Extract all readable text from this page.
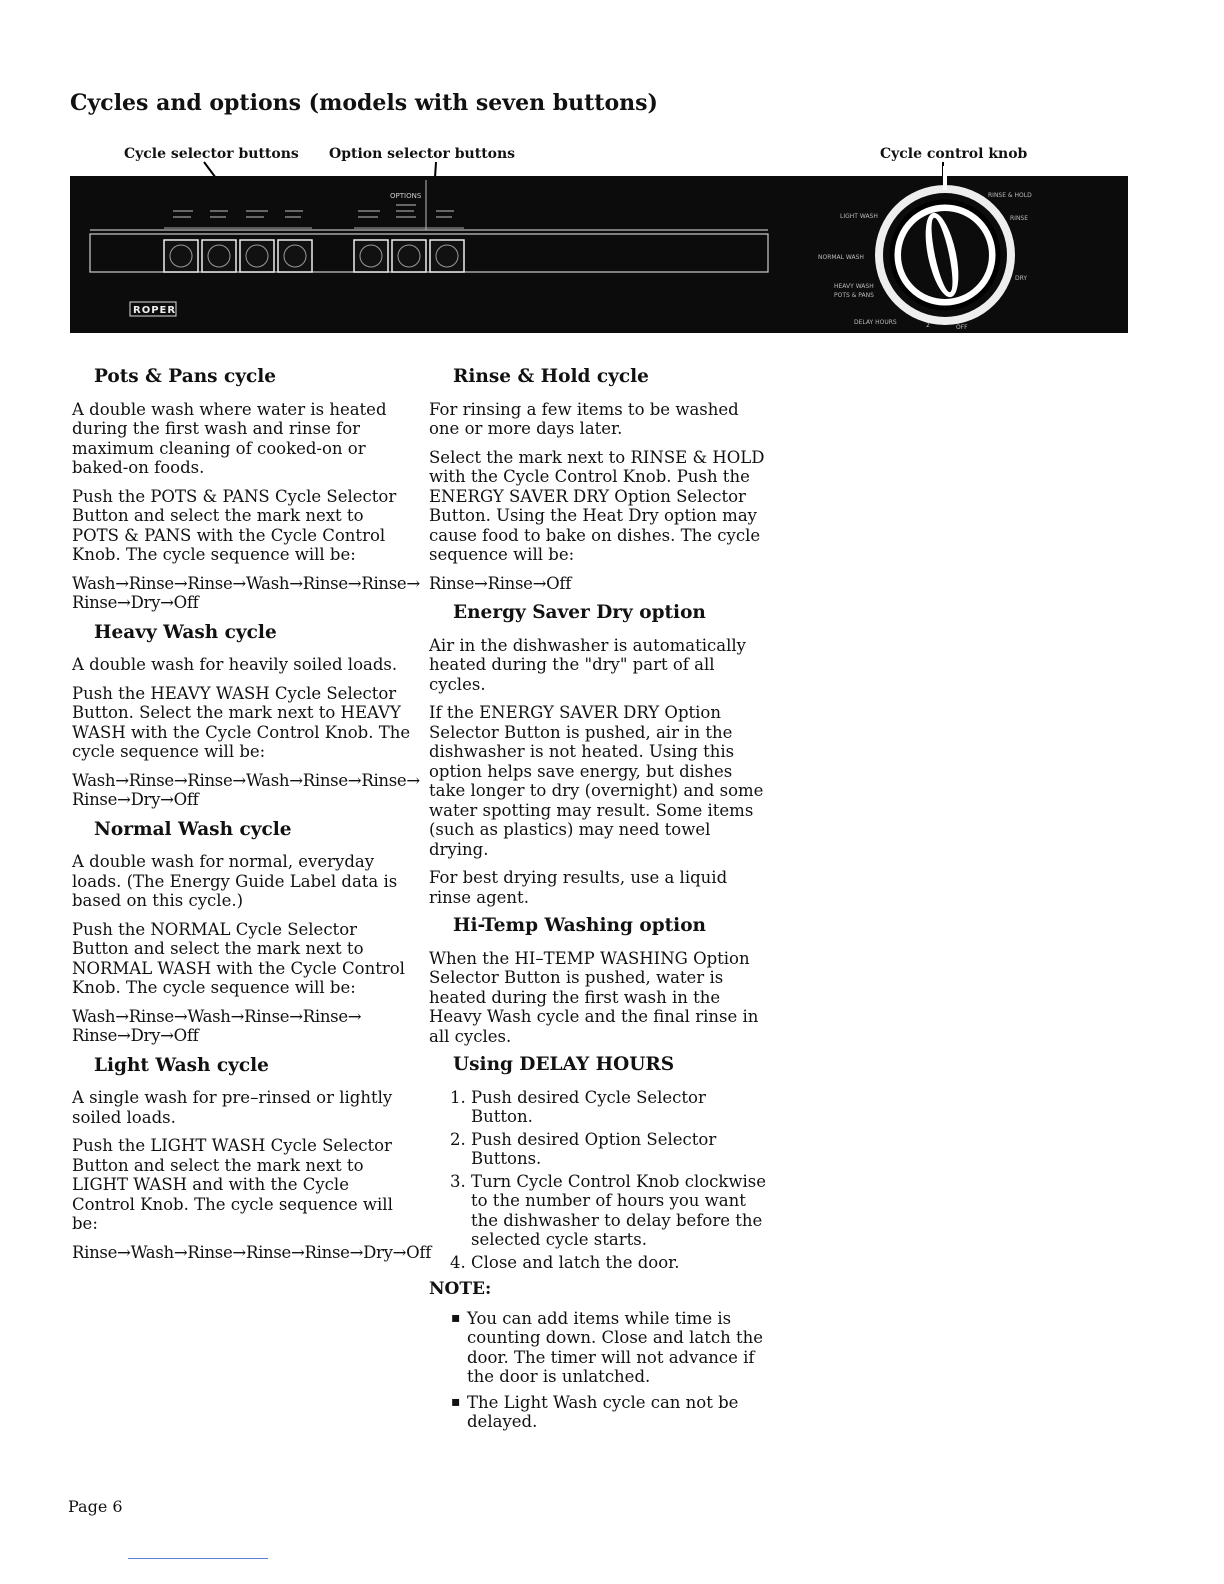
Cycles and options (models with seven buttons)
Cycle selector buttons Option selector buttons	Cycle control knob
OPTIONS
ROPER
RINSE & HOLD
RINSE
LIGHT WASH
NORMAL WASH
HEAVY WASH
POTS & PANS
DELAY HOURS
DRY
2	OFF
Pots & Pans cycle

A double wash where water is heated during the first wash and rinse for maximum cleaning of cooked-on or baked-on foods.

Push the POTS & PANS Cycle Selector Button and select the mark next to POTS & PANS with the Cycle Control Knob. The cycle sequence will be:

Wash→Rinse→Rinse→Wash→Rinse→Rinse→ Rinse→Dry→Off

Heavy Wash cycle

A double wash for heavily soiled loads.

Push the HEAVY WASH Cycle Selector Button. Select the mark next to HEAVY WASH with the Cycle Control Knob. The cycle sequence will be:

Wash→Rinse→Rinse→Wash→Rinse→Rinse→ Rinse→Dry→Off

Normal Wash cycle

A double wash for normal, everyday loads. (The Energy Guide Label data is based on this cycle.)

Push the NORMAL Cycle Selector Button and select the mark next to NORMAL WASH with the Cycle Control Knob. The cycle sequence will be:

Wash→Rinse→Wash→Rinse→Rinse→ Rinse→Dry→Off

Light Wash cycle

A single wash for pre–rinsed or lightly soiled loads.

Push the LIGHT WASH Cycle Selector Button and select the mark next to LIGHT WASH and with the Cycle Control Knob. The cycle sequence will be:

Rinse→Wash→Rinse→Rinse→Rinse→Dry→Off

Rinse & Hold cycle

For rinsing a few items to be washed one or more days later.

Select the mark next to RINSE & HOLD with the Cycle Control Knob. Push the ENERGY SAVER DRY Option Selector Button. Using the Heat Dry option may cause food to bake on dishes. The cycle sequence will be:

Rinse→Rinse→Off

Energy Saver Dry option

Air in the dishwasher is automatically heated during the "dry" part of all cycles.

If the ENERGY SAVER DRY Option Selector Button is pushed, air in the dishwasher is not heated. Using this option helps save energy, but dishes take longer to dry (overnight) and some water spotting may result. Some items (such as plastics) may need towel drying.

For best drying results, use a liquid rinse agent.

Hi-Temp Washing option

When the HI–TEMP WASHING Option Selector Button is pushed, water is heated during the first wash in the Heavy Wash cycle and the final rinse in all cycles.

Using DELAY HOURS
1. Push desired Cycle Selector Button.
2. Push desired Option Selector Buttons.
3. Turn Cycle Control Knob clockwise to the number of hours you want the dishwasher to delay before the selected cycle starts.
4. Close and latch the door.

NOTE:

▪ You can add items while time is counting down. Close and latch the door. The timer will not advance if the door is unlatched.
▪ The Light Wash cycle can not be delayed.
Page 6
